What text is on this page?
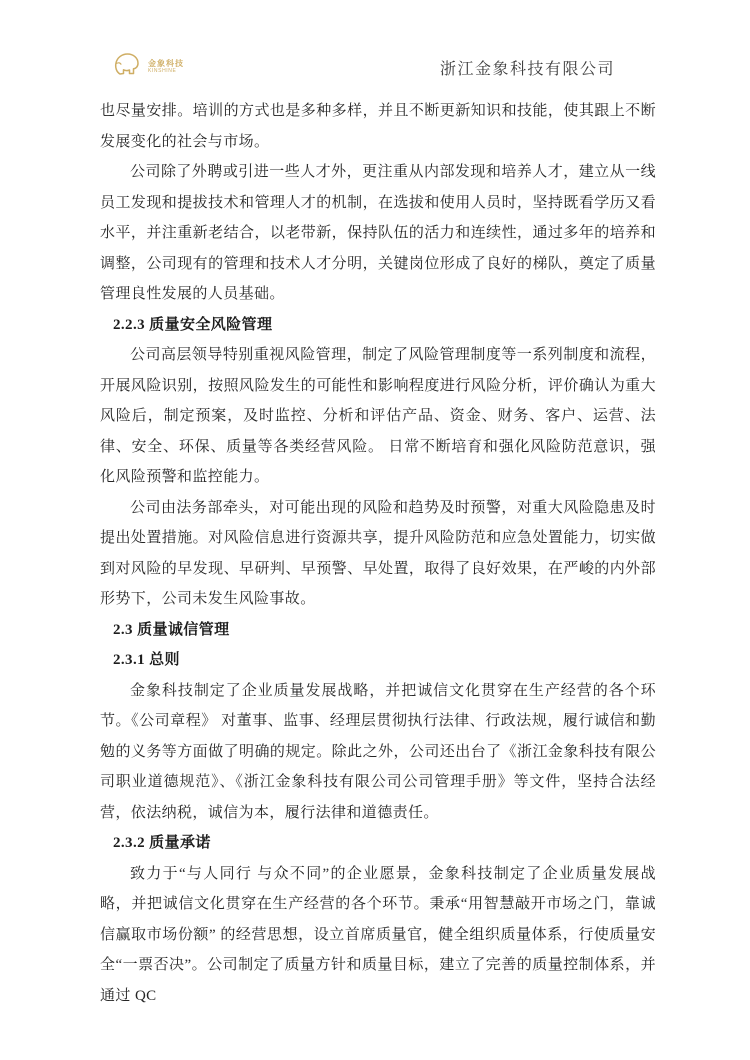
金象科技
KINSHINE	浙江金象科技有限公司

也尽量安排。培训的方式也是多种多样，并且不断更新知识和技能，使其跟上不断发展变化的社会与市场。

公司除了外聘或引进一些人才外，更注重从内部发现和培养人才，建立从一线员工发现和提拔技术和管理人才的机制，在选拔和使用人员时，坚持既看学历又看水平，并注重新老结合，以老带新，保持队伍的活力和连续性，通过多年的培养和调整，公司现有的管理和技术人才分明，关键岗位形成了良好的梯队，奠定了质量管理良性发展的人员基础。

2.2.3 质量安全风险管理

公司高层领导特别重视风险管理，制定了风险管理制度等一系列制度和流程，开展风险识别，按照风险发生的可能性和影响程度进行风险分析，评价确认为重大风险后，制定预案，及时监控、分析和评估产品、资金、财务、客户、运营、法律、安全、环保、质量等各类经营风险。 日常不断培育和强化风险防范意识，强化风险预警和监控能力。

公司由法务部牵头，对可能出现的风险和趋势及时预警，对重大风险隐患及时提出处置措施。对风险信息进行资源共享，提升风险防范和应急处置能力，切实做到对风险的早发现、早研判、早预警、早处置，取得了良好效果，在严峻的内外部形势下，公司未发生风险事故。

2.3 质量诚信管理

2.3.1 总则

金象科技制定了企业质量发展战略，并把诚信文化贯穿在生产经营的各个环节。《公司章程》 对董事、监事、经理层贯彻执行法律、行政法规，履行诚信和勤勉的义务等方面做了明确的规定。除此之外，公司还出台了《浙江金象科技有限公司职业道德规范》、《浙江金象科技有限公司公司管理手册》等文件，坚持合法经营，依法纳税，诚信为本，履行法律和道德责任。

2.3.2 质量承诺

致力于“与人同行 与众不同”的企业愿景，金象科技制定了企业质量发展战略，并把诚信文化贯穿在生产经营的各个环节。秉承“用智慧敲开市场之门，靠诚信赢取市场份额” 的经营思想，设立首席质量官，健全组织质量体系，行使质量安全“一票否决”。公司制定了质量方针和质量目标，建立了完善的质量控制体系，并通过 QC
